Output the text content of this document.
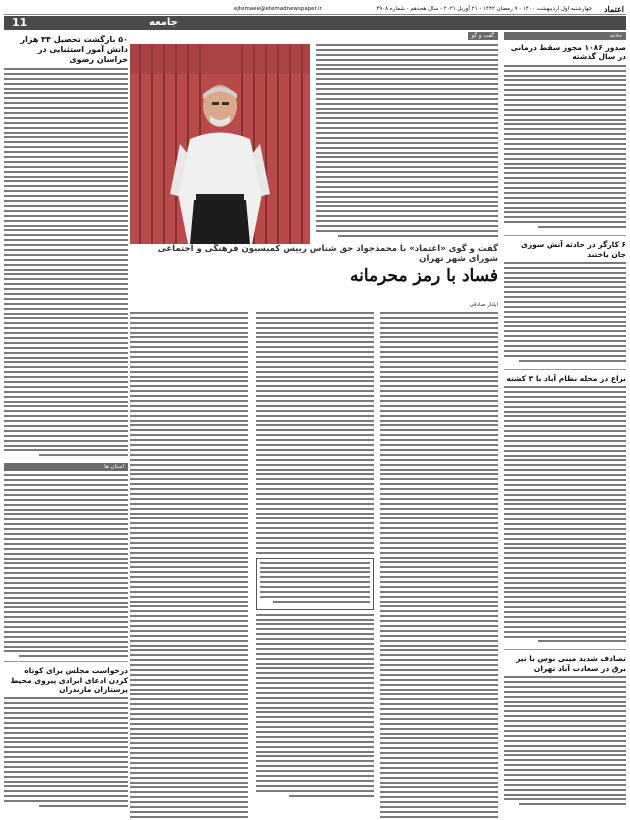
اعتماد
چهارشنبه اول اردیبهشت ۱۴۰۰ - ۹ رمضان ۱۴۴۲ - ۲۱ آوریل ۲۰۲۱ - سال هجدهم - شماره ۴۹۰۸
ejtemaee@etemadnewspaper.ir
جامعه
11
حادثه
صدور ۱۰۸۶ مجوز سقط درمانی در سال گذشته
۶ کارگر در حادثه آتش سوزی جان باختند
نزاع در محله نظام آباد با ۳ کشته
تصادف شدید مینی بوس با تیر برق در سعادت آباد تهران
گفت و گو
گفت و گوی «اعتماد» با محمدجواد حق شناس رییس کمیسیون فرهنگی و اجتماعی شورای شهر تهران
فساد با رمز محرمانه
ایلناز صادقی
۵۰ بازگشت تحصیل ۳۴ هزار دانش آموز استثنایی در خراسان رضوی
استان ها
درخواست مجلس برای کوتاه کردن ادعای ایرادی پیروی محیط پرستاران مازندران
